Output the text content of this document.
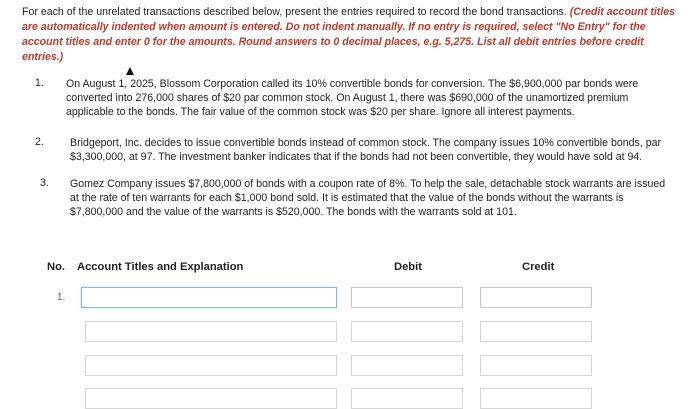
For each of the unrelated transactions described below, present the entries required to record the bond transactions. (Credit account titles are automatically indented when amount is entered. Do not indent manually. If no entry is required, select "No Entry" for the account titles and enter 0 for the amounts. Round answers to 0 decimal places, e.g. 5,275. List all debit entries before credit entries.)
1. On August 1, 2025, Blossom Corporation called its 10% convertible bonds for conversion. The $6,900,000 par bonds were converted into 276,000 shares of $20 par common stock. On August 1, there was $690,000 of the unamortized premium applicable to the bonds. The fair value of the common stock was $20 per share. Ignore all interest payments.
2. Bridgeport, Inc. decides to issue convertible bonds instead of common stock. The company issues 10% convertible bonds, par $3,300,000, at 97. The investment banker indicates that if the bonds had not been convertible, they would have sold at 94.
3. Gomez Company issues $7,800,000 of bonds with a coupon rate of 8%. To help the sale, detachable stock warrants are issued at the rate of ten warrants for each $1,000 bond sold. It is estimated that the value of the bonds without the warrants is $7,800,000 and the value of the warrants is $520,000. The bonds with the warrants sold at 101.
No. Account Titles and Explanation	Debit	Credit
1.
